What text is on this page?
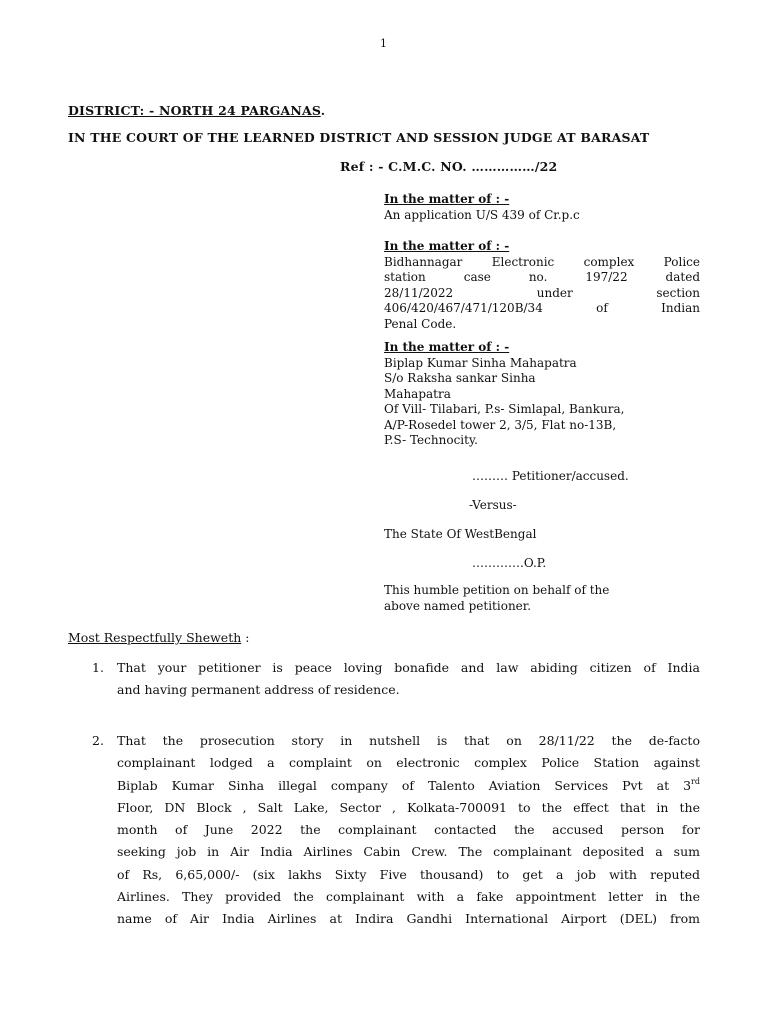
1
DISTRICT: - NORTH 24 PARGANAS.
IN THE COURT OF THE LEARNED DISTRICT AND SESSION JUDGE AT BARASAT
Ref : - C.M.C. NO. ……………/22
In the matter of : -
An application U/S 439 of Cr.p.c
In the matter of : -
Bidhannagar Electronic complex Police
station case no. 197/22 dated
28/11/2022 under section
406/420/467/471/120B/34 of Indian
Penal Code.
In the matter of : -
Biplap Kumar Sinha Mahapatra
S/o Raksha sankar Sinha
Mahapatra
Of Vill- Tilabari, P.s- Simlapal, Bankura,
A/P-Rosedel tower 2, 3/5, Flat no-13B,
P.S- Technocity.
……… Petitioner/accused.
-Versus-
The State Of WestBengal
………….O.P.
This humble petition on behalf of the
above named petitioner.
Most Respectfully Sheweth :
1.	That your petitioner is peace loving bonafide and law abiding citizen of India
and having permanent address of residence.
2.	That the prosecution story in nutshell is that on 28/11/22 the de-facto
complainant lodged a complaint on electronic complex Police Station against
Biplab Kumar Sinha illegal company of Talento Aviation Services Pvt at 3rd
Floor, DN Block , Salt Lake, Sector , Kolkata-700091 to the effect that in the
month of June 2022 the complainant contacted the accused person for
seeking job in Air India Airlines Cabin Crew. The complainant deposited a sum
of Rs, 6,65,000/- (six lakhs Sixty Five thousand) to get a job with reputed
Airlines. They provided the complainant with a fake appointment letter in the
name of Air India Airlines at Indira Gandhi International Airport (DEL) from
